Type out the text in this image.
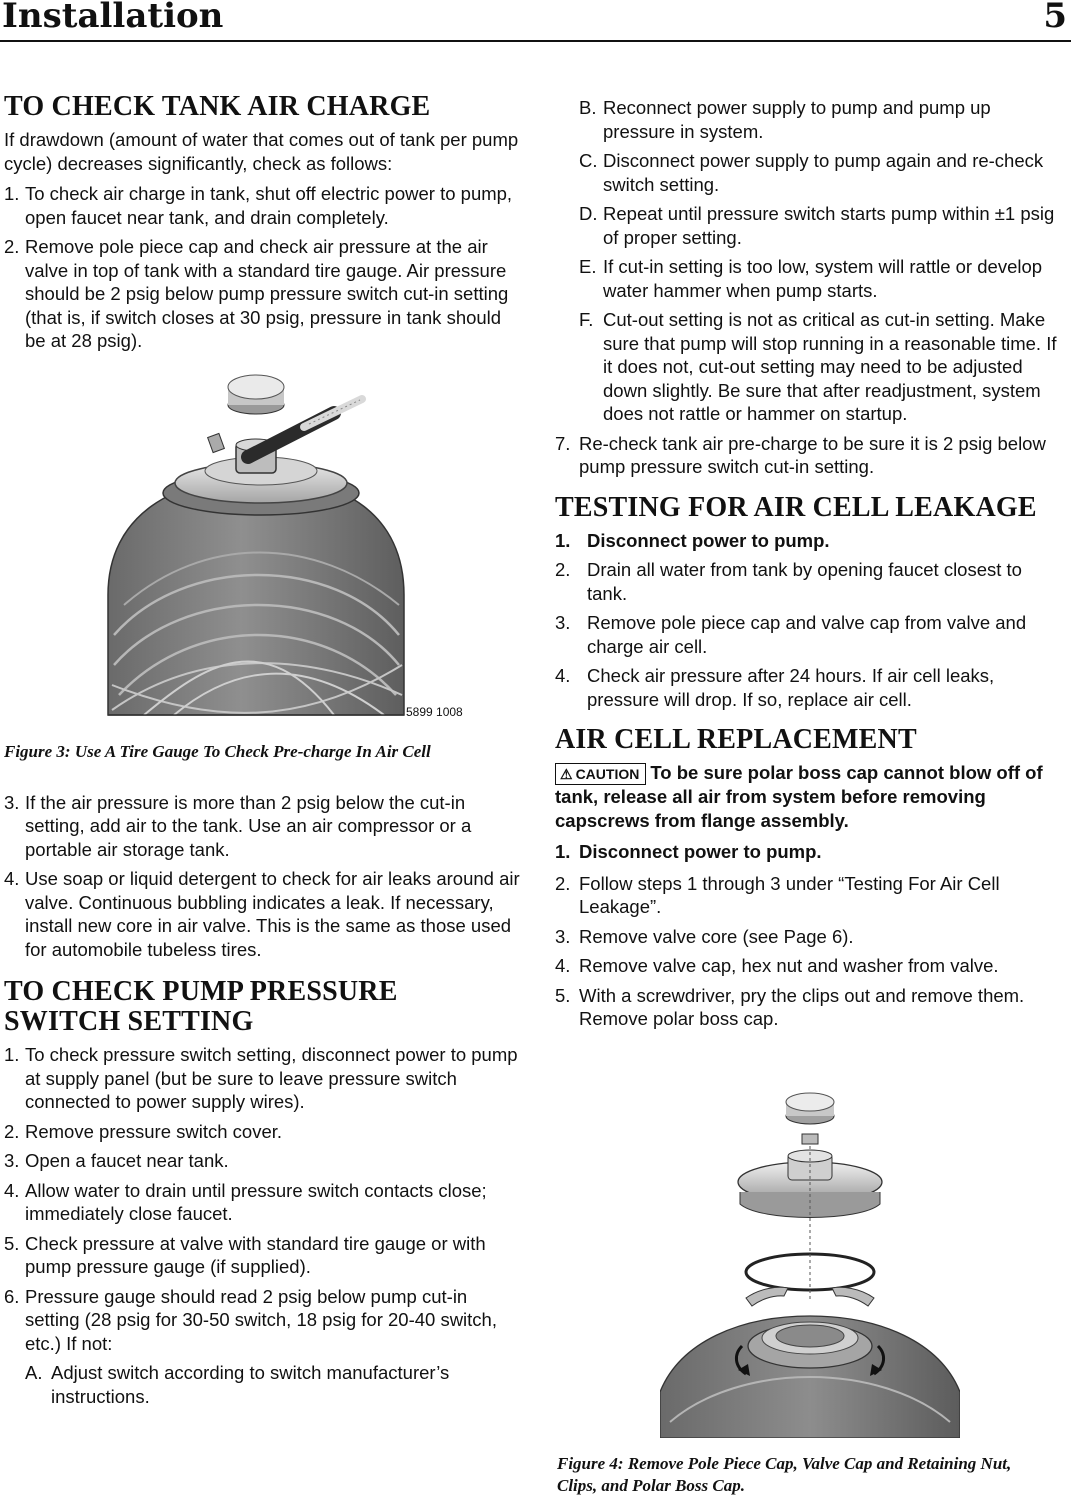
Installation	5
TO CHECK TANK AIR CHARGE

If drawdown (amount of water that comes out of tank per pump cycle) decreases significantly, check as follows:

1. To check air charge in tank, shut off electric power to pump, open faucet near tank, and drain completely.
2. Remove pole piece cap and check air pressure at the air valve in top of tank with a standard tire gauge. Air pressure should be 2 psig below pump pressure switch cut-in setting (that is, if switch closes at 30 psig, pressure in tank should be at 28 psig).
5899 1008
Figure 3: Use A Tire Gauge To Check Pre-charge In Air Cell
3. If the air pressure is more than 2 psig below the cut-in setting, add air to the tank. Use an air compressor or a portable air storage tank.
4. Use soap or liquid detergent to check for air leaks around air valve. Continuous bubbling indicates a leak. If necessary, install new core in air valve. This is the same as those used for automobile tubeless tires.
TO CHECK PUMP PRESSURE
SWITCH SETTING
1. To check pressure switch setting, disconnect power to pump at supply panel (but be sure to leave pressure switch connected to power supply wires).
2. Remove pressure switch cover.
3. Open a faucet near tank.
4. Allow water to drain until pressure switch contacts close; immediately close faucet.
5. Check pressure at valve with standard tire gauge or with pump pressure gauge (if supplied).
6. Pressure gauge should read 2 psig below pump cut-in setting (28 psig for 30-50 switch, 18 psig for 20-40 switch, etc.) If not:
A. Adjust switch according to switch manufacturer’s instructions.
B. Reconnect power supply to pump and pump up pressure in system.
C. Disconnect power supply to pump again and re-check switch setting.
D. Repeat until pressure switch starts pump within ±1 psig of proper setting.
E. If cut-in setting is too low, system will rattle or develop water hammer when pump starts.
F. Cut-out setting is not as critical as cut-in setting. Make sure that pump will stop running in a reasonable time. If it does not, cut-out setting may need to be adjusted down slightly. Be sure that after readjustment, system does not rattle or hammer on startup.
7. Re-check tank air pre-charge to be sure it is 2 psig below pump pressure switch cut-in setting.
TESTING FOR AIR CELL LEAKAGE
1. Disconnect power to pump.
2. Drain all water from tank by opening faucet closest to tank.
3. Remove pole piece cap and valve cap from valve and charge air cell.
4. Check air pressure after 24 hours. If air cell leaks, pressure will drop. If so, replace air cell.
AIR CELL REPLACEMENT

⚠ CAUTION To be sure polar boss cap cannot blow off of tank, release all air from system before removing capscrews from flange assembly.

1. Disconnect power to pump.
2. Follow steps 1 through 3 under “Testing For Air Cell Leakage”.
3. Remove valve core (see Page 6).
4. Remove valve cap, hex nut and washer from valve.
5. With a screwdriver, pry the clips out and remove them. Remove polar boss cap.
Figure 4: Remove Pole Piece Cap, Valve Cap and Retaining Nut, Clips, and Polar Boss Cap.
